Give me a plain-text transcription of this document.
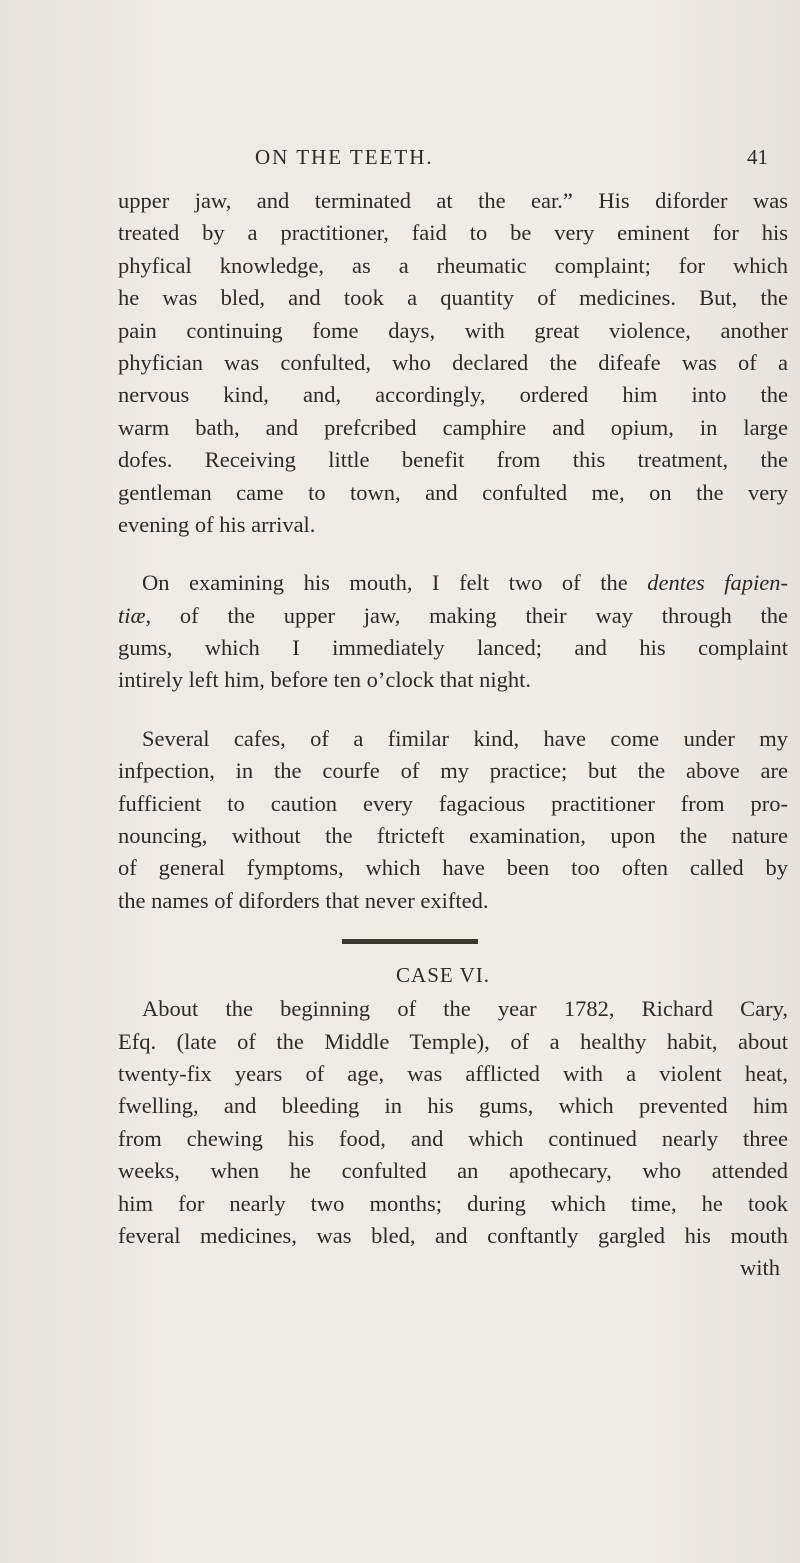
ON THE TEETH.	41
upper jaw, and terminated at the ear.” His diforder was
treated by a practitioner, faid to be very eminent for his
phyfical knowledge, as a rheumatic complaint; for which
he was bled, and took a quantity of medicines. But, the
pain continuing fome days, with great violence, another
phyfician was confulted, who declared the difeafe was of a
nervous kind, and, accordingly, ordered him into the
warm bath, and prefcribed camphire and opium, in large
dofes. Receiving little benefit from this treatment, the
gentleman came to town, and confulted me, on the very
evening of his arrival.
On examining his mouth, I felt two of the dentes fapien-
tiæ, of the upper jaw, making their way through the
gums, which I immediately lanced; and his complaint
intirely left him, before ten o’clock that night.
Several cafes, of a fimilar kind, have come under my
infpection, in the courfe of my practice; but the above are
fufficient to caution every fagacious practitioner from pro-
nouncing, without the ftricteft examination, upon the nature
of general fymptoms, which have been too often called by
the names of diforders that never exifted.
CASE VI.
About the beginning of the year 1782, Richard Cary,
Efq. (late of the Middle Temple), of a healthy habit, about
twenty-fix years of age, was afflicted with a violent heat,
fwelling, and bleeding in his gums, which prevented him
from chewing his food, and which continued nearly three
weeks, when he confulted an apothecary, who attended
him for nearly two months; during which time, he took
feveral medicines, was bled, and conftantly gargled his mouth
with
